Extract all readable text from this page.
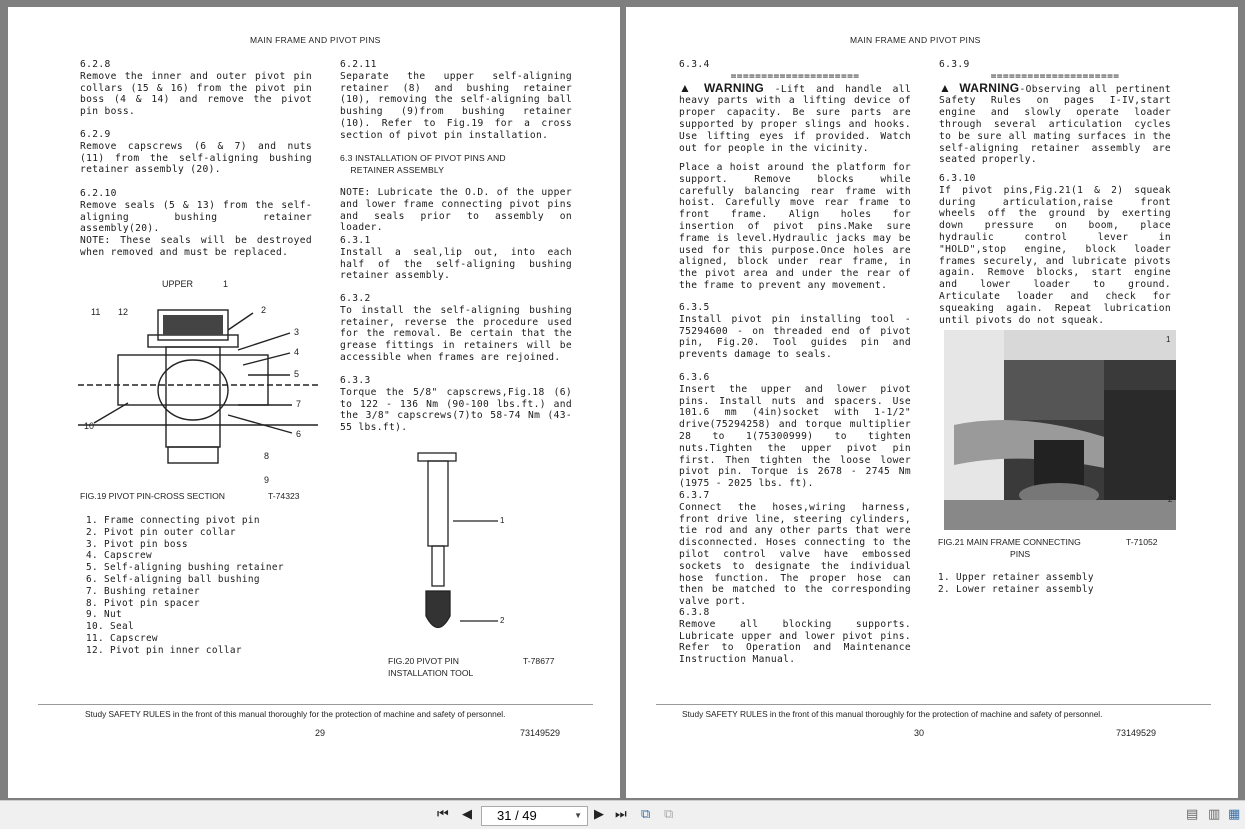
MAIN FRAME AND PIVOT PINS
6.2.8
Remove the inner and outer pivot pin collars (15 & 16) from the pivot pin boss (4 & 14) and remove the pivot pin boss.
6.2.9
Remove capscrews (6 & 7) and nuts (11) from the self-aligning bushing retainer assembly (20).
6.2.10
Remove seals (5 & 13) from the self-aligning bushing retainer assembly(20).
NOTE: These seals will be destroyed when removed and must be replaced.
6.2.11
Separate the upper self-aligning retainer (8) and bushing retainer (10), removing the self-aligning ball bushing (9)from bushing retainer (10). Refer to Fig.19 for a cross section of pivot pin installation.
6.3 INSTALLATION OF PIVOT PINS AND
RETAINER ASSEMBLY
NOTE: Lubricate the O.D. of the upper and lower frame connecting pivot pins and seals prior to assembly on loader.
6.3.1
Install a seal,lip out, into each half of the self-aligning bushing retainer assembly.
6.3.2
To install the self-aligning bushing retainer, reverse the procedure used for the removal. Be certain that the grease fittings in retainers will be accessible when frames are rejoined.
6.3.3
Torque the 5/8" capscrews,Fig.18 (6) to 122 - 136 Nm (90-100 lbs.ft.) and the 3/8" capscrews(7)to 58-74 Nm (43-55 lbs.ft).
UPPER	1
2
3
4
5
6
7
8
9
10
11 12
FIG.19 PIVOT PIN-CROSS SECTION	T-74323
1. Frame connecting pivot pin
2. Pivot pin outer collar
3. Pivot pin boss
4. Capscrew
5. Self-aligning bushing retainer
6. Self-aligning ball bushing
7. Bushing retainer
8. Pivot pin spacer
9. Nut
10. Seal
11. Capscrew
12. Pivot pin inner collar
1
2
FIG.20 PIVOT PIN
INSTALLATION TOOL
T-78677
Study SAFETY RULES in the front of this manual thoroughly for the protection of machine and safety of personnel.
29	73149529
MAIN FRAME AND PIVOT PINS
6.3.4
=====================
▲ WARNING -Lift and handle all heavy parts with a lifting device of proper capacity. Be sure parts are supported by proper slings and hooks. Use lifting eyes if provided. Watch out for people in the vicinity.
Place a hoist around the platform for support. Remove blocks while carefully balancing rear frame with hoist. Carefully move rear frame to front frame. Align holes for insertion of pivot pins.Make sure frame is level.Hydraulic jacks may be used for this purpose.Once holes are aligned, block under rear frame, in the pivot area and under the rear of the frame to prevent any movement.
6.3.5
Install pivot pin installing tool - 75294600 - on threaded end of pivot pin, Fig.20. Tool guides pin and prevents damage to seals.
6.3.6
Insert the upper and lower pivot pins. Install nuts and spacers. Use 101.6 mm (4in)socket with 1-1/2" drive(75294258) and torque multiplier 28 to 1(75300999) to tighten nuts.Tighten the upper pivot pin first. Then tighten the loose lower pivot pin. Torque is 2678 - 2745 Nm (1975 - 2025 lbs. ft).
6.3.7
Connect the hoses,wiring harness, front drive line, steering cylinders, tie rod and any other parts that were disconnected. Hoses connecting to the pilot control valve have embossed sockets to designate the individual hose function. The proper hose can then be matched to the corresponding valve port.
6.3.8
Remove all blocking supports. Lubricate upper and lower pivot pins. Refer to Operation and Maintenance Instruction Manual.
6.3.9
=====================
▲ WARNING-Observing all pertinent Safety Rules on pages I-IV,start engine and slowly operate loader through several articulation cycles to be sure all mating surfaces in the self-aligning retainer assembly are seated properly.
6.3.10
If pivot pins,Fig.21(1 & 2) squeak during articulation,raise front wheels off the ground by exerting down pressure on boom, place hydraulic control lever in "HOLD",stop engine, block loader frames securely, and lubricate pivots again. Remove blocks, start engine and lower loader to ground. Articulate loader and check for squeaking again. Repeat lubrication until pivots do not squeak.
1
2
FIG.21 MAIN FRAME CONNECTING
PINS
T-71052
1. Upper retainer assembly
2. Lower retainer assembly
Study SAFETY RULES in the front of this manual thoroughly for the protection of machine and safety of personnel.
30	73149529
⏮ ◀ 31 / 49	▼ ▶ ⏭ ⧉ ⧉	▤ ▥ ▦
